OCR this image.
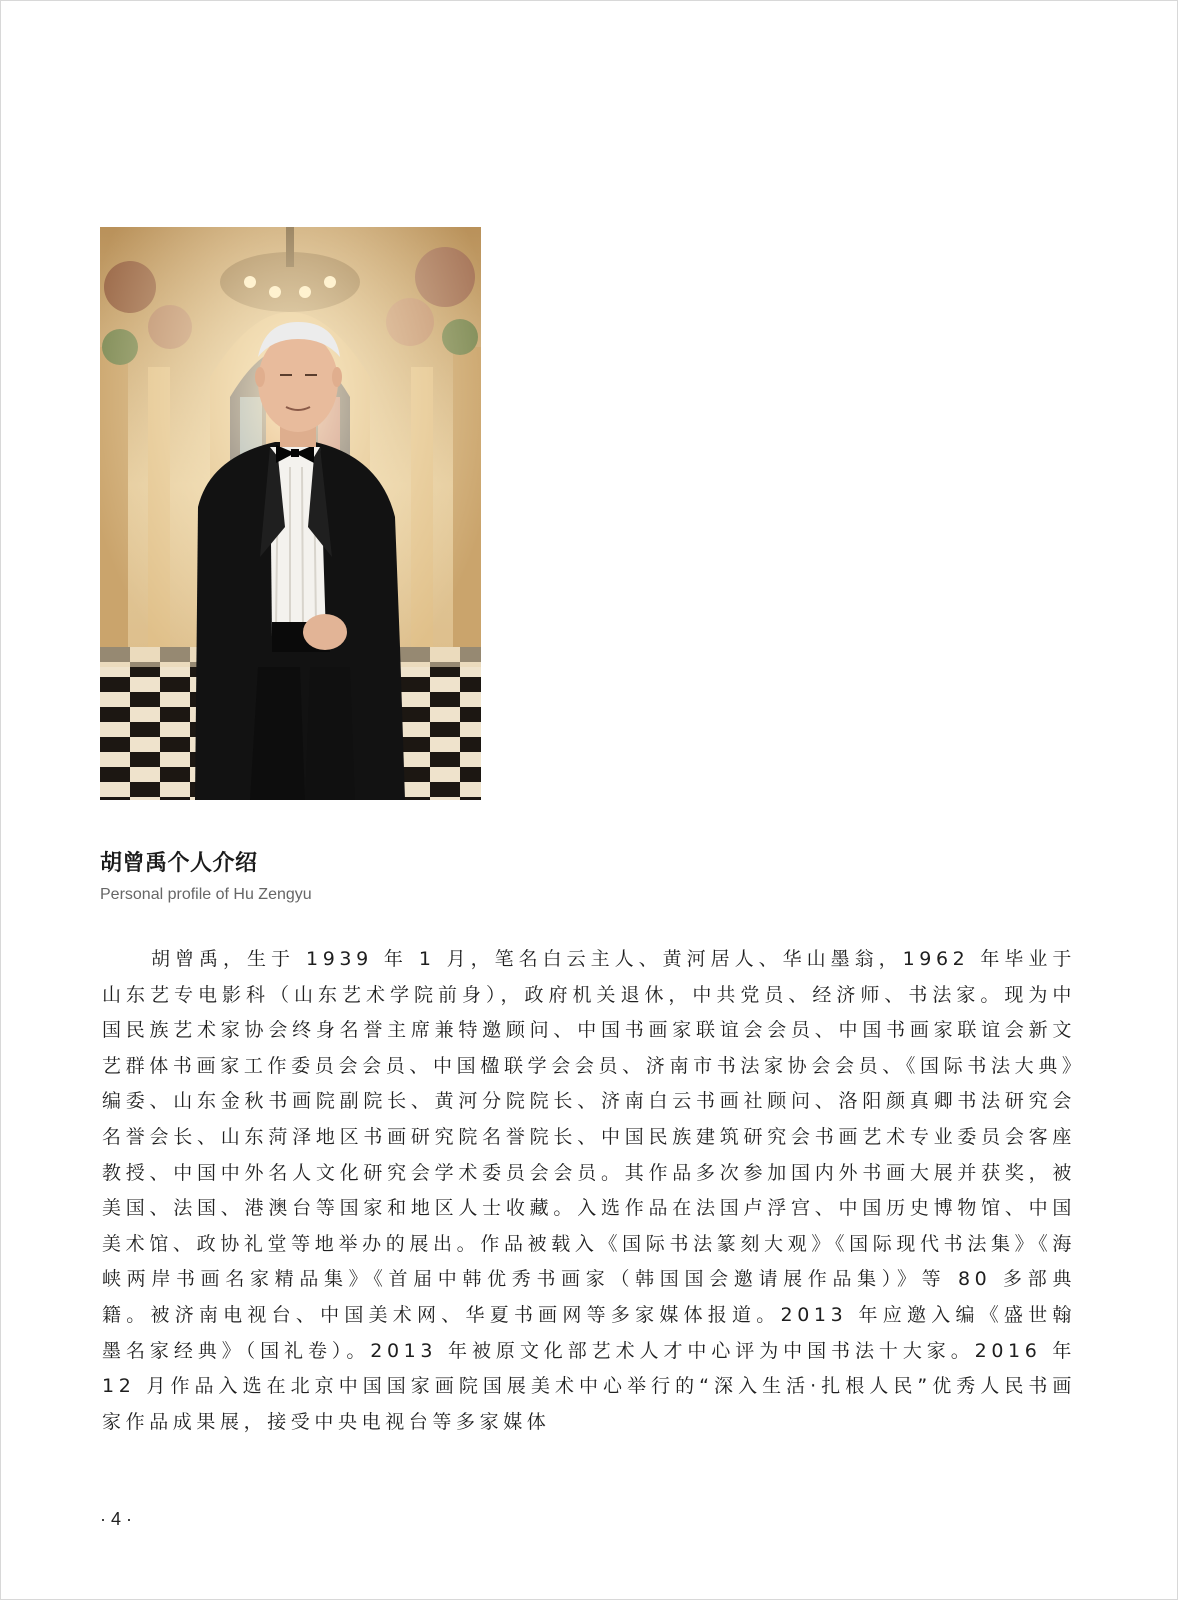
胡曾禹个人介绍

Personal profile of Hu Zengyu

胡曾禹，生于 1939 年 1 月，笔名白云主人、黄河居人、华山墨翁，1962 年毕业于山东艺专电影科（山东艺术学院前身），政府机关退休，中共党员、经济师、书法家。现为中国民族艺术家协会终身名誉主席兼特邀顾问、中国书画家联谊会会员、中国书画家联谊会新文艺群体书画家工作委员会会员、中国楹联学会会员、济南市书法家协会会员、《国际书法大典》编委、山东金秋书画院副院长、黄河分院院长、济南白云书画社顾问、洛阳颜真卿书法研究会名誉会长、山东菏泽地区书画研究院名誉院长、中国民族建筑研究会书画艺术专业委员会客座教授、中国中外名人文化研究会学术委员会会员。其作品多次参加国内外书画大展并获奖，被美国、法国、港澳台等国家和地区人士收藏。入选作品在法国卢浮宫、中国历史博物馆、中国美术馆、政协礼堂等地举办的展出。作品被载入《国际书法篆刻大观》《国际现代书法集》《海峡两岸书画名家精品集》《首届中韩优秀书画家（韩国国会邀请展作品集）》等 80 多部典籍。被济南电视台、中国美术网、华夏书画网等多家媒体报道。2013 年应邀入编《盛世翰墨名家经典》（国礼卷）。2013 年被原文化部艺术人才中心评为中国书法十大家。2016 年 12 月作品入选在北京中国国家画院国展美术中心举行的“深入生活·扎根人民”优秀人民书画家作品成果展，接受中央电视台等多家媒体

· 4 ·
